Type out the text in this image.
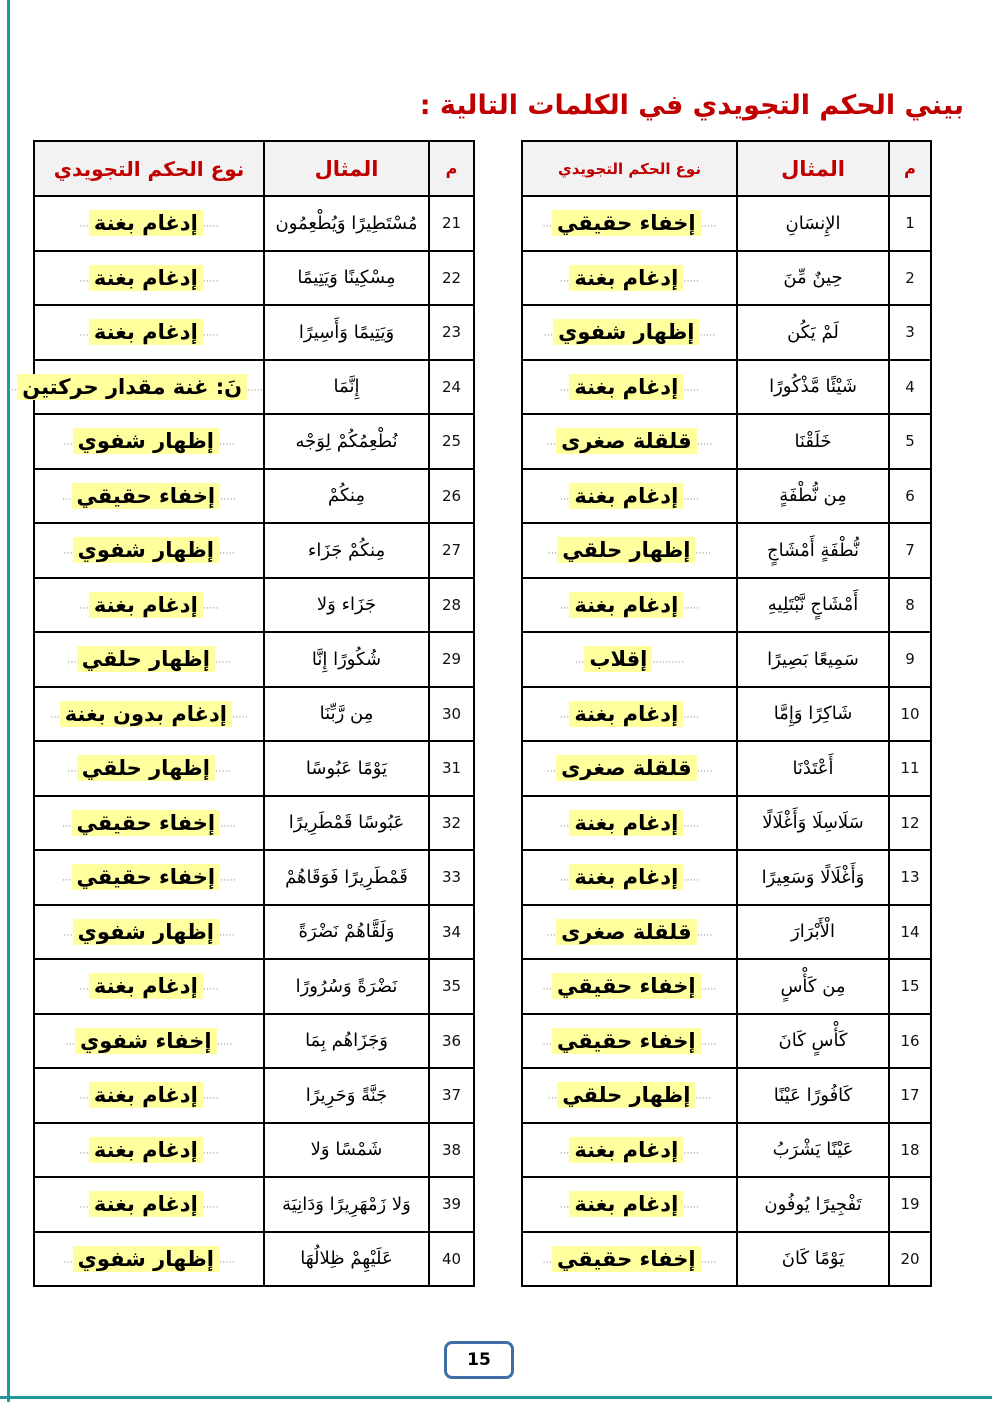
بيني الحكم التجويدي في الكلمات التالية :
م	المثال	نوع الحكم التجويدي
1	الإِنسَانِ	.....إخفاء حقيقي...
2	حِينٌ مِّنَ	.....إدغام بغنة...
3	لَمْ يَكُن	.....إظهار شفوي...
4	شَيْئًا مَّذْكُورًا	.....إدغام بغنة...
5	خَلَقْنَا	.....قلقلة صغرى...
6	مِن نُّطْفَةٍ	.....إدغام بغنة...
7	نُّطْفَةٍ أَمْشَاجٍ	.....إظهار حلقي...
8	أَمْشَاجٍ نَّبْتَلِيهِ	.....إدغام بغنة...
9	سَمِيعًا بَصِيرًا	..........إقلاب...
10	شَاكِرًا وَإِمَّا	.....إدغام بغنة...
11	أَعْتَدْنَا	.....قلقلة صغرى...
12	سَلَاسِلَا وَأَغْلَالًا	.....إدغام بغنة...
13	وَأَغْلَالًا وَسَعِيرًا	.....إدغام بغنة...
14	الْأَبْرَارَ	.....قلقلة صغرى...
15	مِن كَأْسٍ	.....إخفاء حقيقي...
16	كَأْسٍ كَانَ	.....إخفاء حقيقي...
17	كَافُورًا عَيْنًا	.....إظهار حلقي...
18	عَيْنًا يَشْرَبُ	.....إدغام بغنة...
19	تَفْجِيرًا يُوفُون	.....إدغام بغنة...
20	يَوْمًا كَانَ	.....إخفاء حقيقي...
م	المثال	نوع الحكم التجويدي
21	مُسْتَطِيرًا وَيُطْعِمُون	.....إدغام بغنة...
22	مِسْكِينًا وَيَتِيمًا	.....إدغام بغنة...
23	وَيَتِيمًا وَأَسِيرًا	.....إدغام بغنة...
24	إِنَّمَا	.....نَ: غنة مقدار حركتين...
25	نُطْعِمُكُمْ لِوَجْه	.....إظهار شفوي...
26	مِنكُمْ	.....إخفاء حقيقي...
27	مِنكُمْ جَزَاء	.....إظهار شفوي...
28	جَزَاء وَلا	.....إدغام بغنة...
29	شُكُورًا إِنَّا	.....إظهار حلقي...
30	مِن رَّبِّنَا	.....إدغام بدون بغنة...
31	يَوْمًا عَبُوسًا	.....إظهار حلقي...
32	عَبُوسًا قَمْطَرِيرًا	.....إخفاء حقيقي...
33	قَمْطَرِيرًا فَوَقَاهُمْ	.....إخفاء حقيقي...
34	وَلَقَّاهُمْ نَضْرَةً	.....إظهار شفوي...
35	نَضْرَةً وَسُرُورًا	.....إدغام بغنة...
36	وَجَزَاهُم بِمَا	.....إخفاء شفوي...
37	جَنَّةً وَحَرِيرًا	.....إدغام بغنة...
38	شَمْسًا وَلا	.....إدغام بغنة...
39	وَلا زَمْهَرِيرًا وَدَانِيَة	.....إدغام بغنة...
40	عَلَيْهِمْ ظِلالُهَا	.....إظهار شفوي...
15
